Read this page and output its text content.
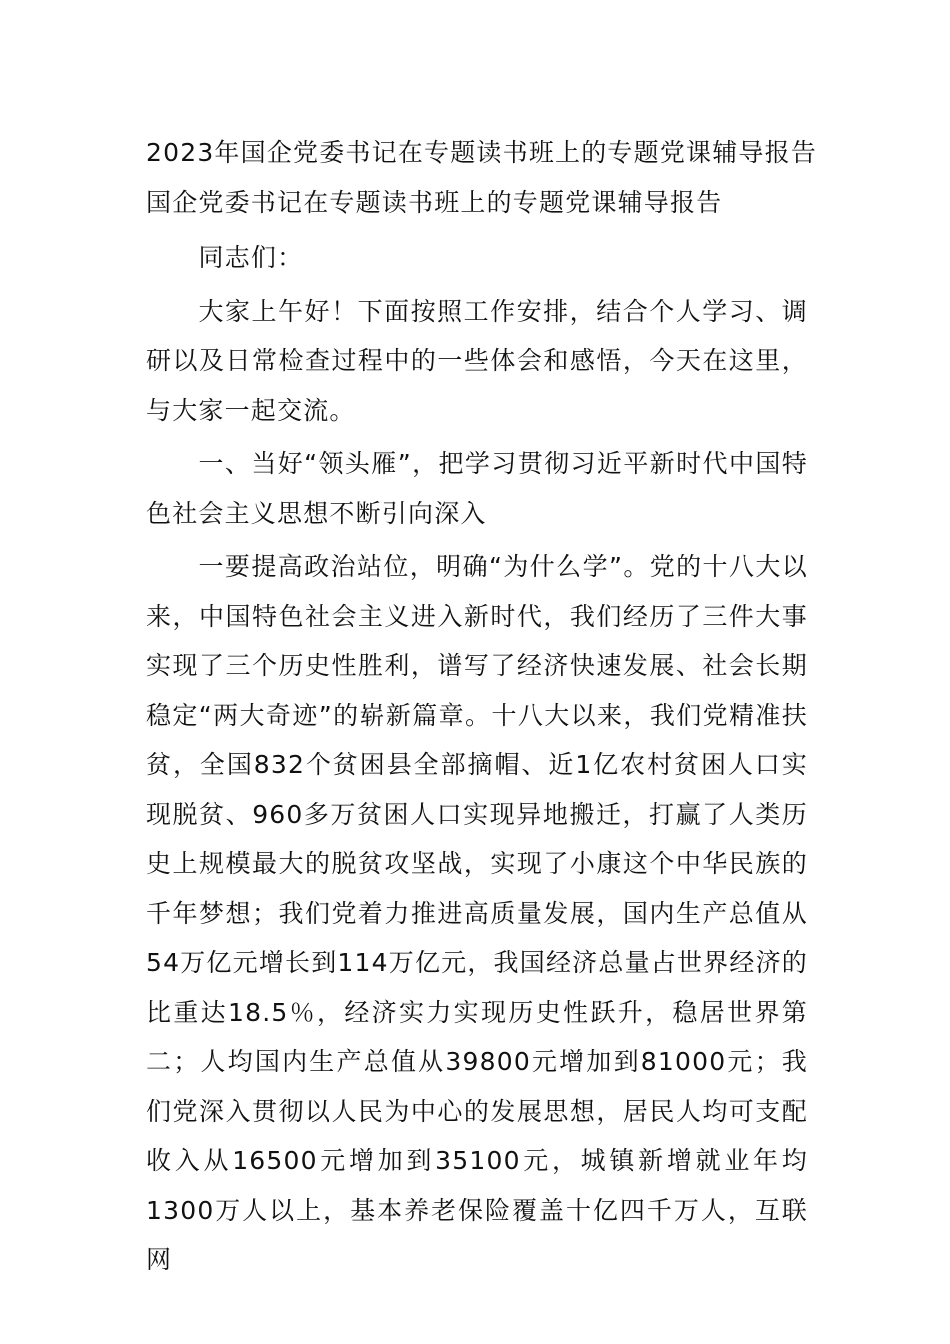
2023年国企党委书记在专题读书班上的专题党课辅导报告
国企党委书记在专题读书班上的专题党课辅导报告

同志们：

大家上午好！下面按照工作安排，结合个人学习、调研以及日常检查过程中的一些体会和感悟，今天在这里，与大家一起交流。

一、当好“领头雁”，把学习贯彻习近平新时代中国特色社会主义思想不断引向深入

一要提高政治站位，明确“为什么学”。党的十八大以来，中国特色社会主义进入新时代，我们经历了三件大事实现了三个历史性胜利，谱写了经济快速发展、社会长期稳定“两大奇迹”的崭新篇章。十八大以来，我们党精准扶贫，全国832个贫困县全部摘帽、近1亿农村贫困人口实现脱贫、960多万贫困人口实现异地搬迁，打赢了人类历史上规模最大的脱贫攻坚战，实现了小康这个中华民族的千年梦想；我们党着力推进高质量发展，国内生产总值从54万亿元增长到114万亿元，我国经济总量占世界经济的比重达18.5％，经济实力实现历史性跃升，稳居世界第二；人均国内生产总值从39800元增加到81000元；我们党深入贯彻以人民为中心的发展思想，居民人均可支配收入从16500元增加到35100元，城镇新增就业年均1300万人以上，基本养老保险覆盖十亿四千万人，互联网
